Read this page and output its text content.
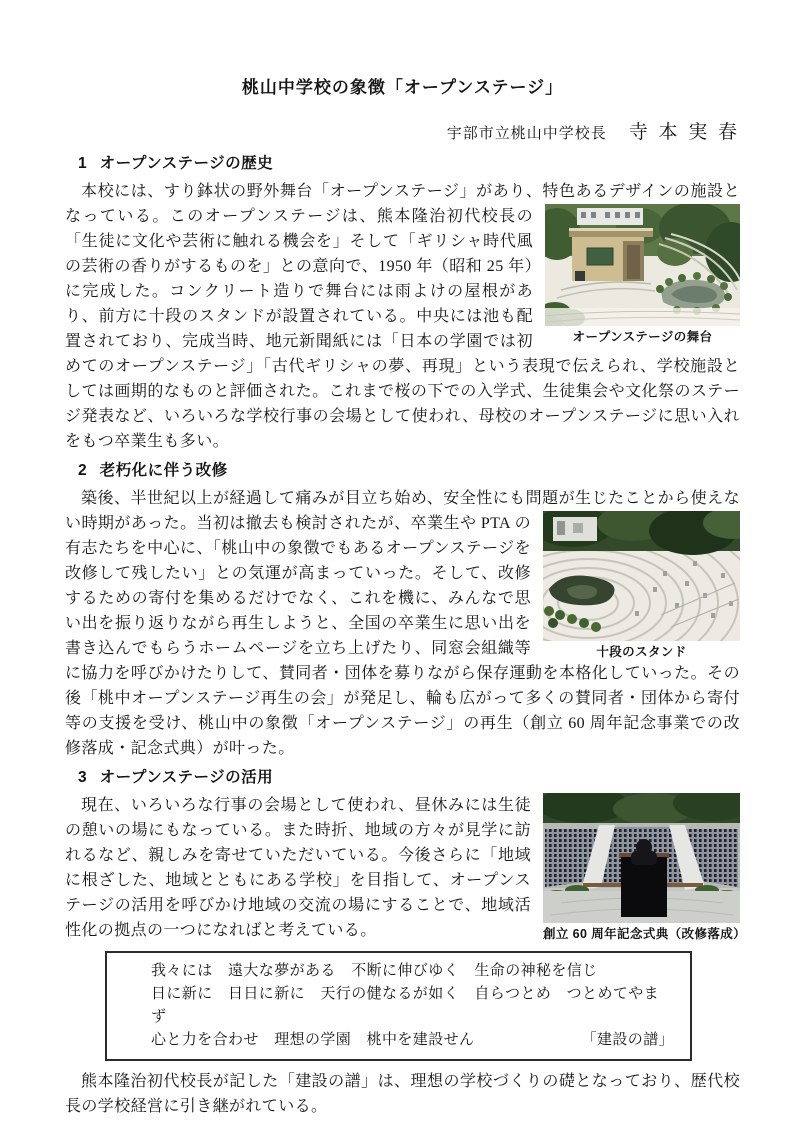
桃山中学校の象徴「オープンステージ」
宇部市立桃山中学校長 寺 本 実 春
1 オープンステージの歴史
オープンステージの舞台
本校には、すり鉢状の野外舞台「オープンステージ」があり、特色あるデザインの施設となっている。このオープンステージは、熊本隆治初代校長の「生徒に文化や芸術に触れる機会を」そして「ギリシャ時代風の芸術の香りがするものを」との意向で、1950 年（昭和 25 年）に完成した。コンクリート造りで舞台には雨よけの屋根があり、前方に十段のスタンドが設置されている。中央には池も配置されており、完成当時、地元新聞紙には「日本の学園では初めてのオープンステージ」「古代ギリシャの夢、再現」という表現で伝えられ、学校施設としては画期的なものと評価された。これまで桜の下での入学式、生徒集会や文化祭のステージ発表など、いろいろな学校行事の会場として使われ、母校のオープンステージに思い入れをもつ卒業生も多い。
2 老朽化に伴う改修
十段のスタンド
築後、半世紀以上が経過して痛みが目立ち始め、安全性にも問題が生じたことから使えない時期があった。当初は撤去も検討されたが、卒業生や PTA の有志たちを中心に、「桃山中の象徴でもあるオープンステージを改修して残したい」との気運が高まっていった。そして、改修するための寄付を集めるだけでなく、これを機に、みんなで思い出を振り返りながら再生しようと、全国の卒業生に思い出を書き込んでもらうホームページを立ち上げたり、同窓会組織等に協力を呼びかけたりして、賛同者・団体を募りながら保存運動を本格化していった。その後「桃中オープンステージ再生の会」が発足し、輪も広がって多くの賛同者・団体から寄付等の支援を受け、桃山中の象徴「オープンステージ」の再生（創立 60 周年記念事業での改修落成・記念式典）が叶った。
3 オープンステージの活用
創立 60 周年記念式典（改修落成）
現在、いろいろな行事の会場として使われ、昼休みには生徒の憩いの場にもなっている。また時折、地域の方々が見学に訪れるなど、親しみを寄せていただいている。今後さらに「地域に根ざした、地域とともにある学校」を目指して、オープンステージの活用を呼びかけ地域の交流の場にすることで、地域活性化の拠点の一つになればと考えている。
我々には　遠大な夢がある　不断に伸びゆく　生命の神秘を信じ
日に新に　日日に新に　天行の健なるが如く　自らつとめ　つとめてやまず
心と力を合わせ　理想の学園　桃中を建設せん	「建設の譜」
熊本隆治初代校長が記した「建設の譜」は、理想の学校づくりの礎となっており、歴代校長の学校経営に引き継がれている。
